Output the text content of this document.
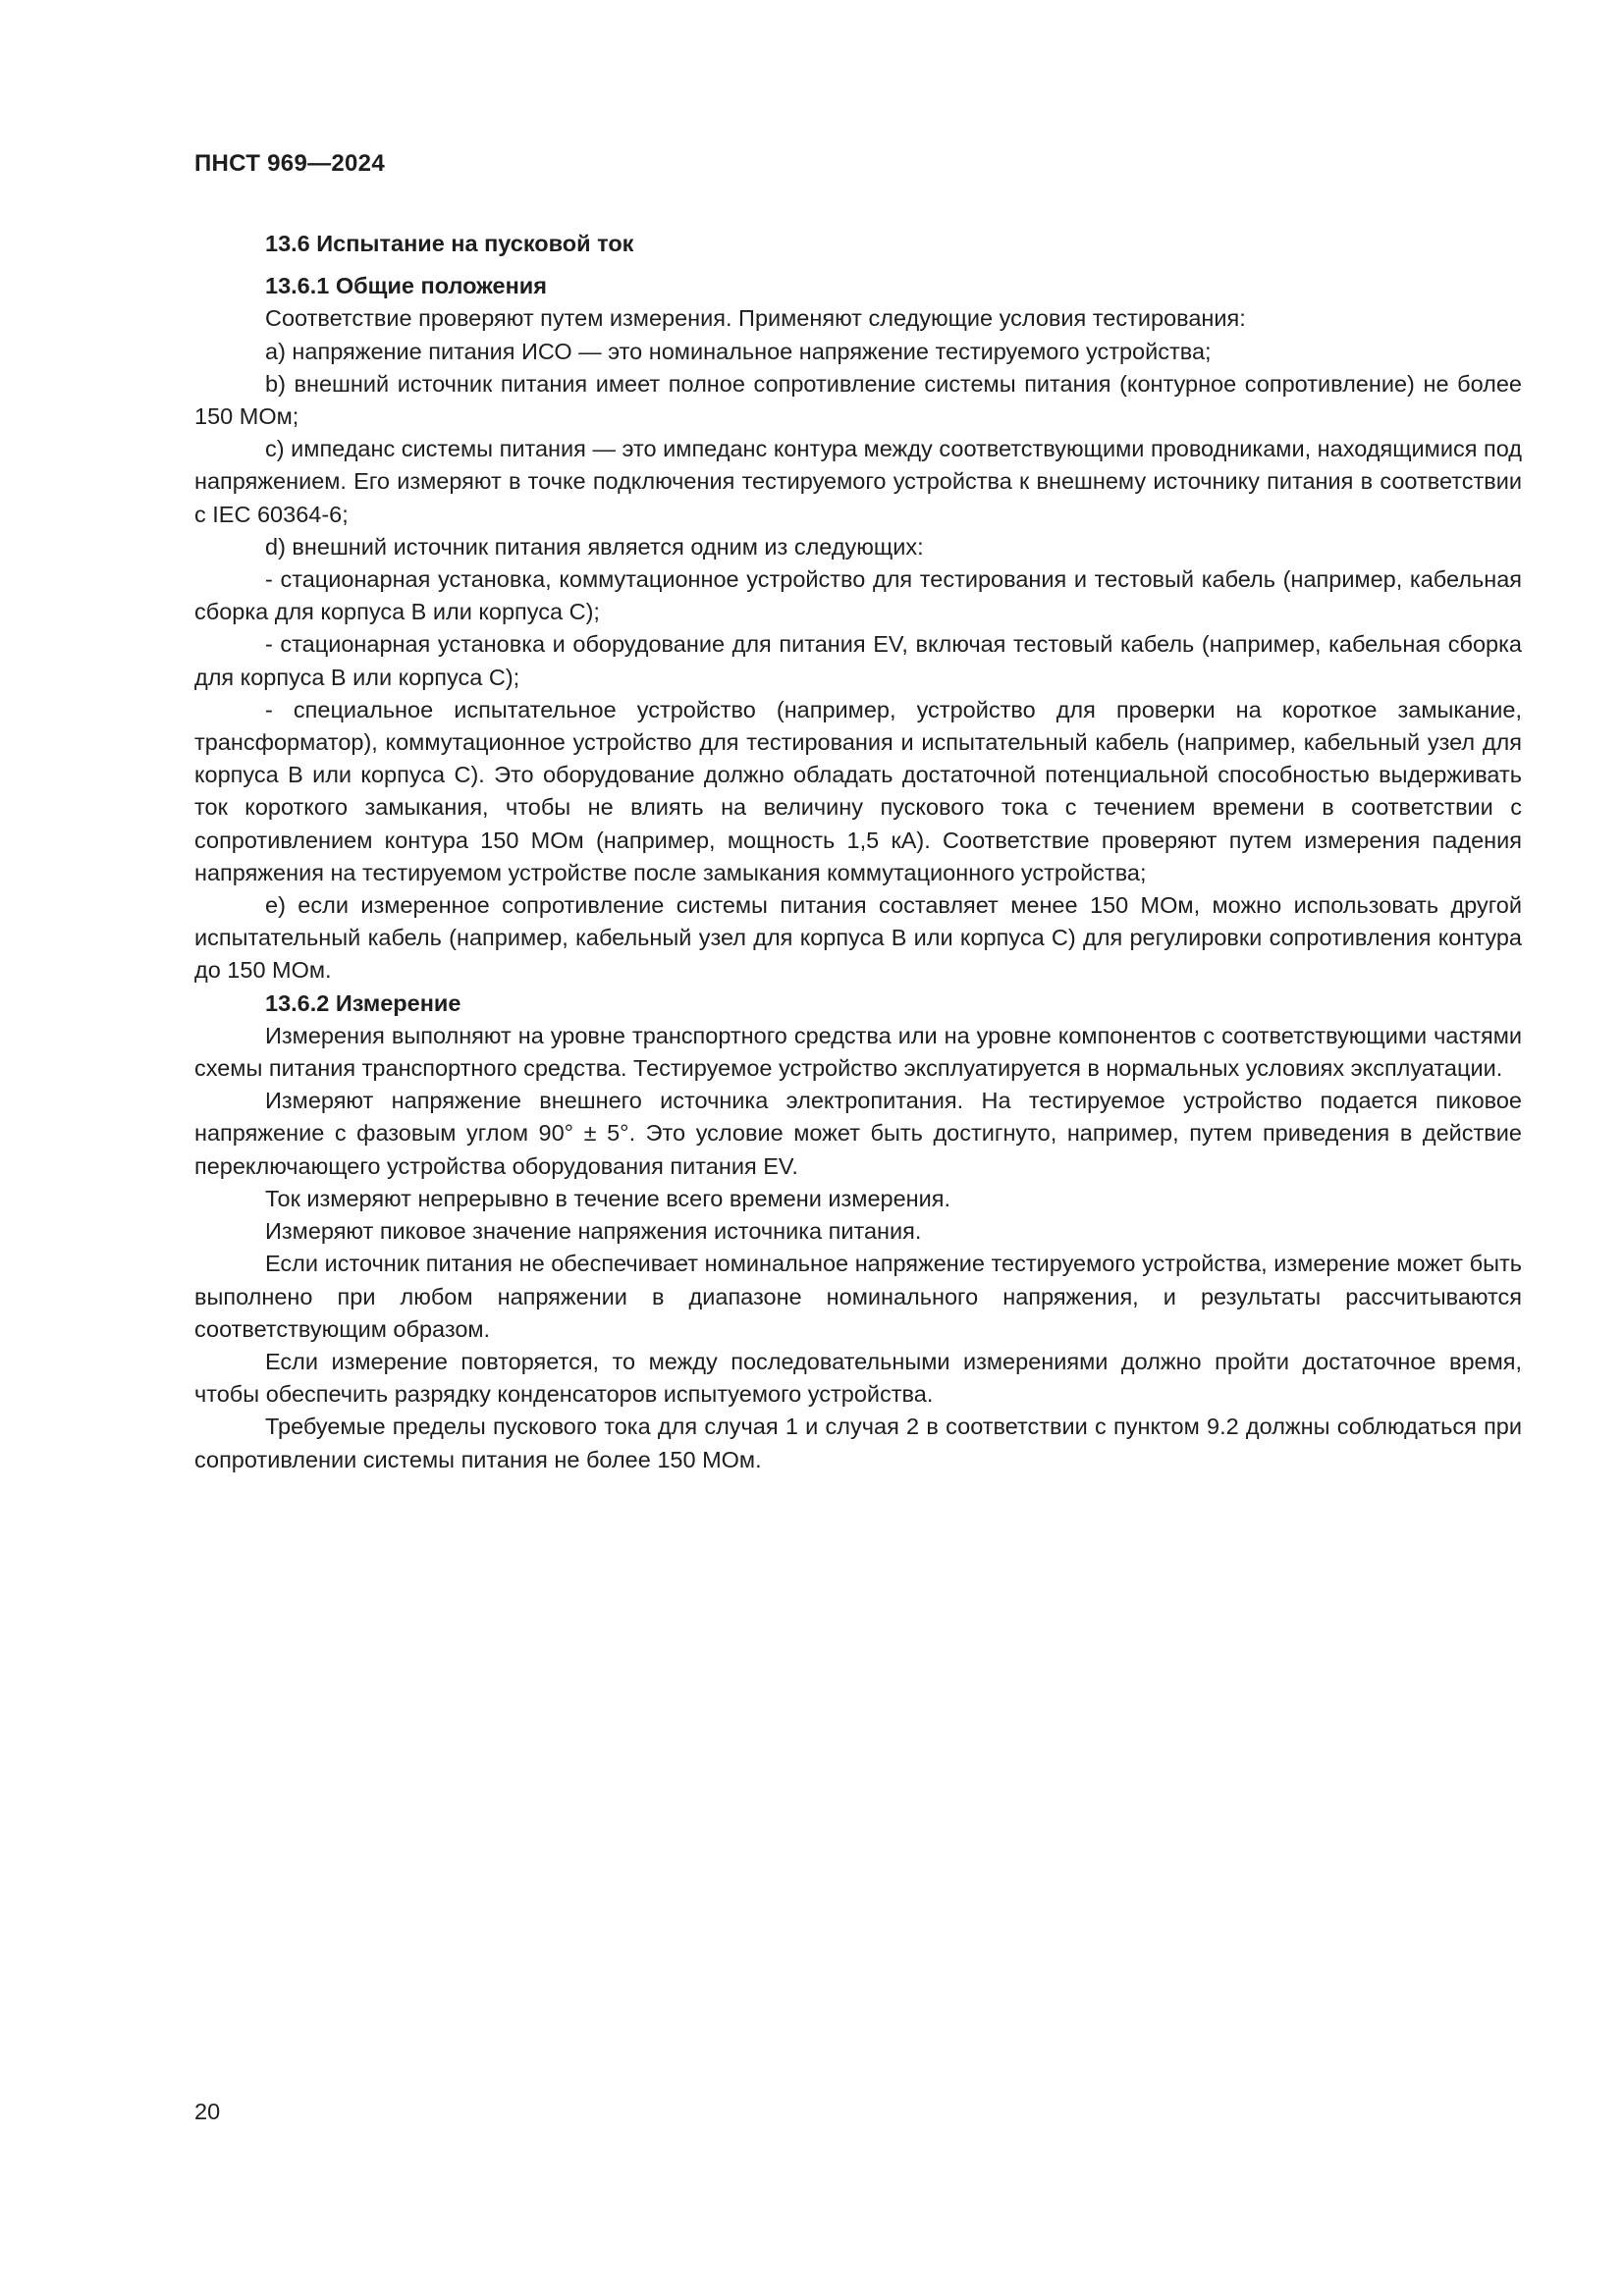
ПНСТ 969—2024
13.6 Испытание на пусковой ток
13.6.1 Общие положения

Соответствие проверяют путем измерения. Применяют следующие условия тестирования:

a) напряжение питания ИСО — это номинальное напряжение тестируемого устройства;

b) внешний источник питания имеет полное сопротивление системы питания (контурное сопротивление) не более 150 МОм;

c) импеданс системы питания — это импеданс контура между соответствующими проводниками, находящимися под напряжением. Его измеряют в точке подключения тестируемого устройства к внешнему источнику питания в соответствии с IEC 60364-6;

d) внешний источник питания является одним из следующих:

- стационарная установка, коммутационное устройство для тестирования и тестовый кабель (например, кабельная сборка для корпуса В или корпуса С);

- стационарная установка и оборудование для питания EV, включая тестовый кабель (например, кабельная сборка для корпуса В или корпуса С);

- специальное испытательное устройство (например, устройство для проверки на короткое замыкание, трансформатор), коммутационное устройство для тестирования и испытательный кабель (например, кабельный узел для корпуса В или корпуса С). Это оборудование должно обладать достаточной потенциальной способностью выдерживать ток короткого замыкания, чтобы не влиять на величину пускового тока с течением времени в соответствии с сопротивлением контура 150 МОм (например, мощность 1,5 кА). Соответствие проверяют путем измерения падения напряжения на тестируемом устройстве после замыкания коммутационного устройства;

e) если измеренное сопротивление системы питания составляет менее 150 МОм, можно использовать другой испытательный кабель (например, кабельный узел для корпуса В или корпуса С) для регулировки сопротивления контура до 150 МОм.

13.6.2 Измерение

Измерения выполняют на уровне транспортного средства или на уровне компонентов с соответствующими частями схемы питания транспортного средства. Тестируемое устройство эксплуатируется в нормальных условиях эксплуатации.

Измеряют напряжение внешнего источника электропитания. На тестируемое устройство подается пиковое напряжение с фазовым углом 90° ± 5°. Это условие может быть достигнуто, например, путем приведения в действие переключающего устройства оборудования питания EV.

Ток измеряют непрерывно в течение всего времени измерения.

Измеряют пиковое значение напряжения источника питания.

Если источник питания не обеспечивает номинальное напряжение тестируемого устройства, измерение может быть выполнено при любом напряжении в диапазоне номинального напряжения, и результаты рассчитываются соответствующим образом.

Если измерение повторяется, то между последовательными измерениями должно пройти достаточное время, чтобы обеспечить разрядку конденсаторов испытуемого устройства.

Требуемые пределы пускового тока для случая 1 и случая 2 в соответствии с пунктом 9.2 должны соблюдаться при сопротивлении системы питания не более 150 МОм.

20
